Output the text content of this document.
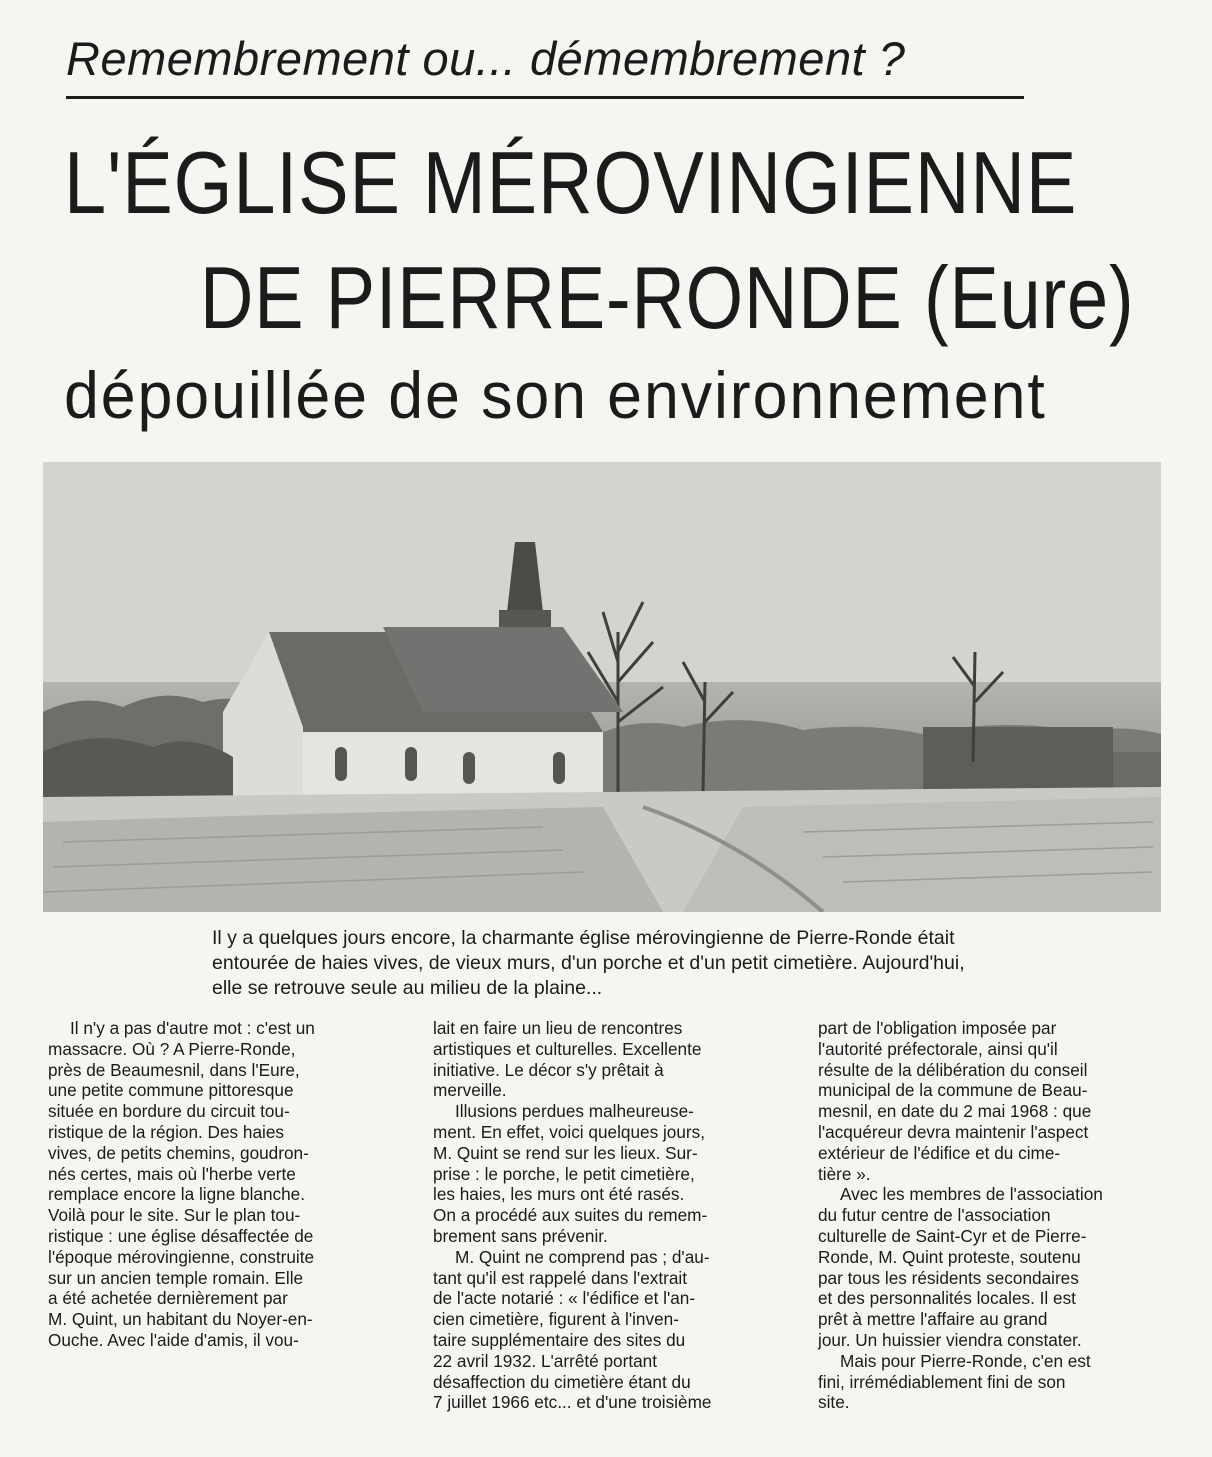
Remembrement ou... démembrement ?
L'ÉGLISE MÉROVINGIENNE
DE PIERRE-RONDE (Eure)
dépouillée de son environnement
Il y a quelques jours encore, la charmante église mérovingienne de Pierre-Ronde était
entourée de haies vives, de vieux murs, d'un porche et d'un petit cimetière. Aujourd'hui,
elle se retrouve seule au milieu de la plaine...
Il n'y a pas d'autre mot : c'est un
massacre. Où ? A Pierre-Ronde,
près de Beaumesnil, dans l'Eure,
une petite commune pittoresque
située en bordure du circuit tou-
ristique de la région. Des haies
vives, de petits chemins, goudron-
nés certes, mais où l'herbe verte
remplace encore la ligne blanche.
Voilà pour le site. Sur le plan tou-
ristique : une église désaffectée de
l'époque mérovingienne, construite
sur un ancien temple romain. Elle
a été achetée dernièrement par
M. Quint, un habitant du Noyer-en-
Ouche. Avec l'aide d'amis, il vou-
lait en faire un lieu de rencontres
artistiques et culturelles. Excellente
initiative. Le décor s'y prêtait à
merveille.
Illusions perdues malheureuse-
ment. En effet, voici quelques jours,
M. Quint se rend sur les lieux. Sur-
prise : le porche, le petit cimetière,
les haies, les murs ont été rasés.
On a procédé aux suites du remem-
brement sans prévenir.
M. Quint ne comprend pas ; d'au-
tant qu'il est rappelé dans l'extrait
de l'acte notarié : « l'édifice et l'an-
cien cimetière, figurent à l'inven-
taire supplémentaire des sites du
22 avril 1932. L'arrêté portant
désaffection du cimetière étant du
7 juillet 1966 etc... et d'une troisième
part de l'obligation imposée par
l'autorité préfectorale, ainsi qu'il
résulte de la délibération du conseil
municipal de la commune de Beau-
mesnil, en date du 2 mai 1968 : que
l'acquéreur devra maintenir l'aspect
extérieur de l'édifice et du cime-
tière ».
Avec les membres de l'association
du futur centre de l'association
culturelle de Saint-Cyr et de Pierre-
Ronde, M. Quint proteste, soutenu
par tous les résidents secondaires
et des personnalités locales. Il est
prêt à mettre l'affaire au grand
jour. Un huissier viendra constater.
Mais pour Pierre-Ronde, c'en est
fini, irrémédiablement fini de son
site.
